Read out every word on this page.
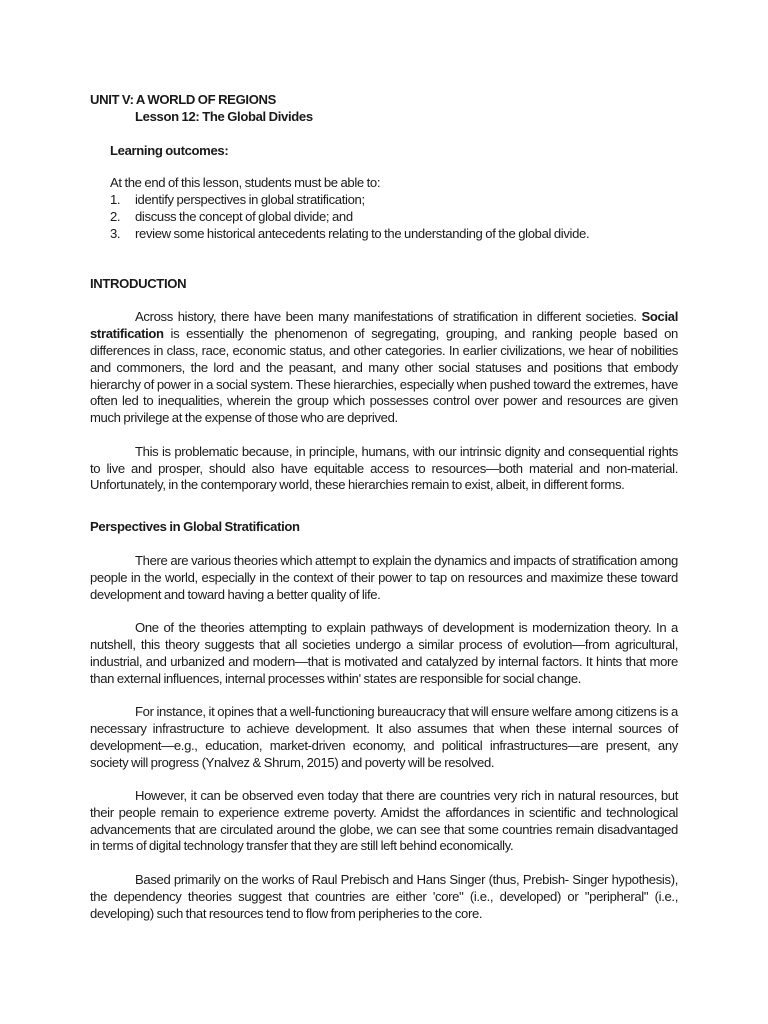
UNIT V: A WORLD OF REGIONS
Lesson 12: The Global Divides
Learning outcomes:
At the end of this lesson, students must be able to:
1.	identify perspectives in global stratification;
2.	discuss the concept of global divide; and
3.	review some historical antecedents relating to the understanding of the global divide.
INTRODUCTION

Across history, there have been many manifestations of stratification in different societies. Social stratification is essentially the phenomenon of segregating, grouping, and ranking people based on differences in class, race, economic status, and other categories. In earlier civilizations, we hear of nobilities and commoners, the lord and the peasant, and many other social statuses and positions that embody hierarchy of power in a social system. These hierarchies, especially when pushed toward the extremes, have often led to inequalities, wherein the group which possesses control over power and resources are given much privilege at the expense of those who are deprived.

This is problematic because, in principle, humans, with our intrinsic dignity and consequential rights to live and prosper, should also have equitable access to resources—both material and non-material. Unfortunately, in the contemporary world, these hierarchies remain to exist, albeit, in different forms.

Perspectives in Global Stratification

There are various theories which attempt to explain the dynamics and impacts of stratification among people in the world, especially in the context of their power to tap on resources and maximize these toward development and toward having a better quality of life.

One of the theories attempting to explain pathways of development is modernization theory. In a nutshell, this theory suggests that all societies undergo a similar process of evolution—from agricultural, industrial, and urbanized and modern—that is motivated and catalyzed by internal factors. It hints that more than external influences, internal processes within' states are responsible for social change.

For instance, it opines that a well-functioning bureaucracy that will ensure welfare among citizens is a necessary infrastructure to achieve development. It also assumes that when these internal sources of development—e.g., education, market-driven economy, and political infrastructures—are present, any society will progress (Ynalvez & Shrum, 2015) and poverty will be resolved.

However, it can be observed even today that there are countries very rich in natural resources, but their people remain to experience extreme poverty. Amidst the affordances in scientific and technological advancements that are circulated around the globe, we can see that some countries remain disadvantaged in terms of digital technology transfer that they are still left behind economically.

Based primarily on the works of Raul Prebisch and Hans Singer (thus, Prebish- Singer hypothesis), the dependency theories suggest that countries are either 'core" (i.e., developed) or "peripheral" (i.e., developing) such that resources tend to flow from peripheries to the core.
